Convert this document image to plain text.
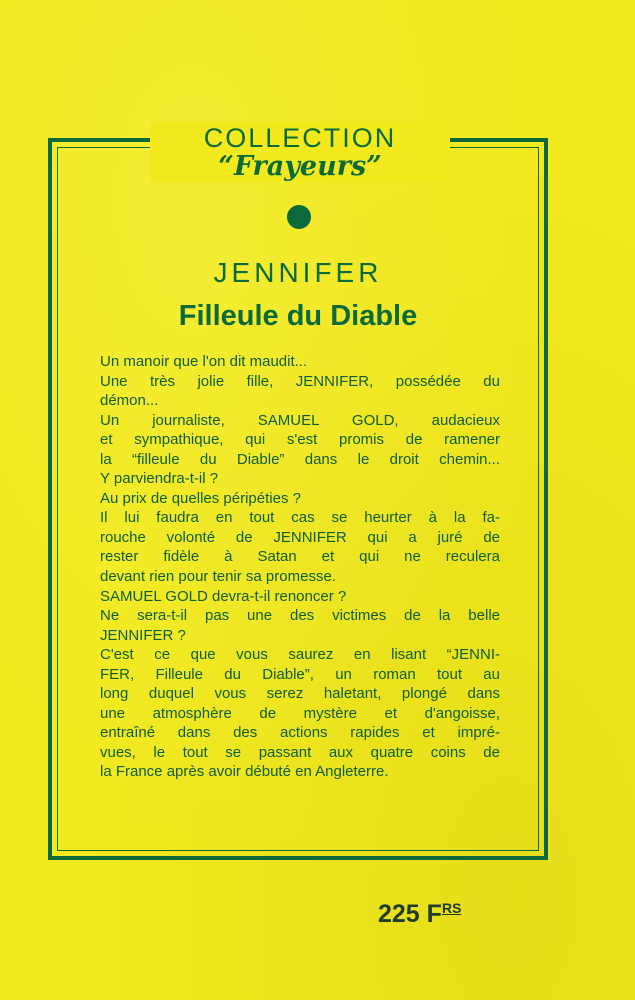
COLLECTION
“Frayeurs”
JENNIFER
Filleule du Diable

Un manoir que l'on dit maudit...

Une très jolie fille, JENNIFER, possédée du

démon...

Un journaliste, SAMUEL GOLD, audacieux

et sympathique, qui s'est promis de ramener

la “filleule du Diable” dans le droit chemin...

Y parviendra-t-il ?

Au prix de quelles péripéties ?

Il lui faudra en tout cas se heurter à la fa-

rouche volonté de JENNIFER qui a juré de

rester fidèle à Satan et qui ne reculera

devant rien pour tenir sa promesse.

SAMUEL GOLD devra-t-il renoncer ?

Ne sera-t-il pas une des victimes de la belle

JENNIFER ?

C'est ce que vous saurez en lisant “JENNI-

FER, Filleule du Diable”, un roman tout au

long duquel vous serez haletant, plongé dans

une atmosphère de mystère et d'angoisse,

entraîné dans des actions rapides et impré-

vues, le tout se passant aux quatre coins de

la France après avoir débuté en Angleterre.

225 $F^{RS}$
